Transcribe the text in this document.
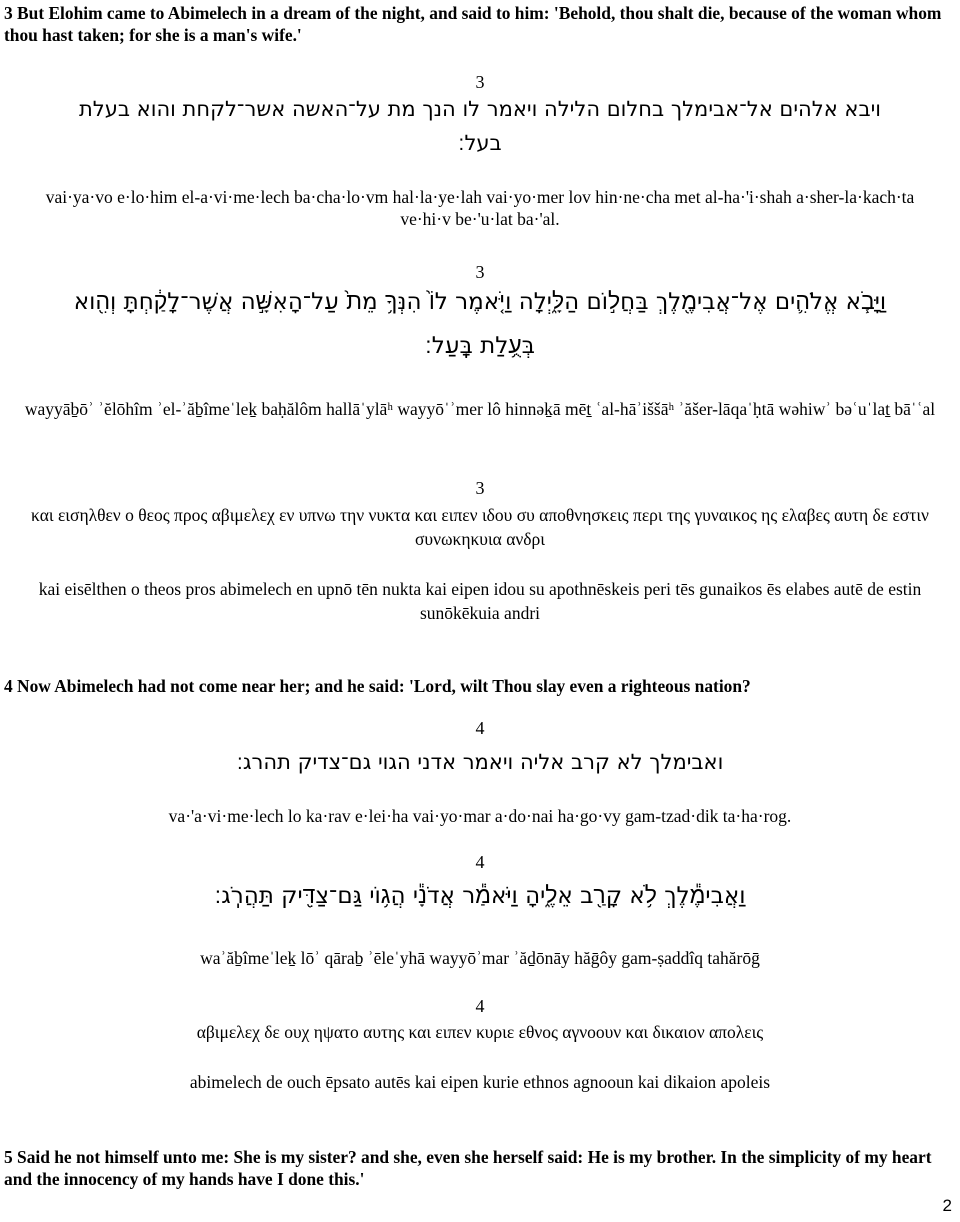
3 But Elohim came to Abimelech in a dream of the night, and said to him: 'Behold, thou shalt die, because of the woman whom thou hast taken; for she is a man's wife.'
3
ויבא אלהים אל־אבימלך בחלום הלילה ויאמר לו הנך מת על־האשה אשר־לקחת והוא בעלת בעל׃
vai·ya·vo e·lo·him el-a·vi·me·lech ba·cha·lo·vm hal·la·ye·lah vai·yo·mer lov hin·ne·cha met al-ha·'i·shah a·sher-la·kach·ta ve·hi·v be·'u·lat ba·'al.
3
וַיָּבֹ֧א אֱלֹהִ֛ים אֶל־אֲבִימֶ֖לֶךְ בַּחֲל֣וֹם הַלָּ֑יְלָה וַיֹּ֤אמֶר לוֹ֙ הִנְּךָ֥ מֵת֙ עַל־הָאִשָּׁ֣ה אֲשֶׁר־לָקַ֔חְתָּ וְהִ֖וא בְּעֻ֥לַת בָּֽעַל׃
wayyāḇōʾ ʾĕlōhîm ʾel-ʾăḇîmeˈleḵ baḥălôm hallāˈylāʰ wayyōˈʾmer lô hinnəḵā mēṯ ʿal-hāʾiššāʰ ʾăšer-lāqaˈḥtā wəhiwʾ bəʿuˈlaṯ bāˈʿal
3
και εισηλθεν ο θεος προς αβιμελεχ εν υπνω την νυκτα και ειπεν ιδου συ αποθνησκεις περι της γυναικος ης ελαβες αυτη δε εστιν συνωκηκυια ανδρι
kai eisēlthen o theos pros abimelech en upnō tēn nukta kai eipen idou su apothnēskeis peri tēs gunaikos ēs elabes autē de estin sunōkēkuia andri
4 Now Abimelech had not come near her; and he said: 'Lord, wilt Thou slay even a righteous nation?
4
ואבימלך לא קרב אליה ויאמר אדני הגוי גם־צדיק תהרג׃
va·'a·vi·me·lech lo ka·rav e·lei·ha vai·yo·mar a·do·nai ha·go·vy gam-tzad·dik ta·ha·rog.
4
וַאֲבִימֶ֕לֶךְ לֹ֥א קָרַ֖ב אֵלֶ֑יהָ וַיֹּאמַ֕ר אֲדֹנָ֕י הֲג֥וֹי גַּם־צַדִּ֖יק תַּהֲרֹֽג׃
waʾăḇîmeˈleḵ lōʾ qāraḇ ʾēleˈyhā wayyōʾmar ʾăḏōnāy hăḡôy gam-ṣaddîq tahărōḡ
4
αβιμελεχ δε ουχ ηψατο αυτης και ειπεν κυριε εθνος αγνοουν και δικαιον απολεις
abimelech de ouch ēpsato autēs kai eipen kurie ethnos agnooun kai dikaion apoleis
5 Said he not himself unto me: She is my sister? and she, even she herself said: He is my brother. In the simplicity of my heart and the innocency of my hands have I done this.'
2
